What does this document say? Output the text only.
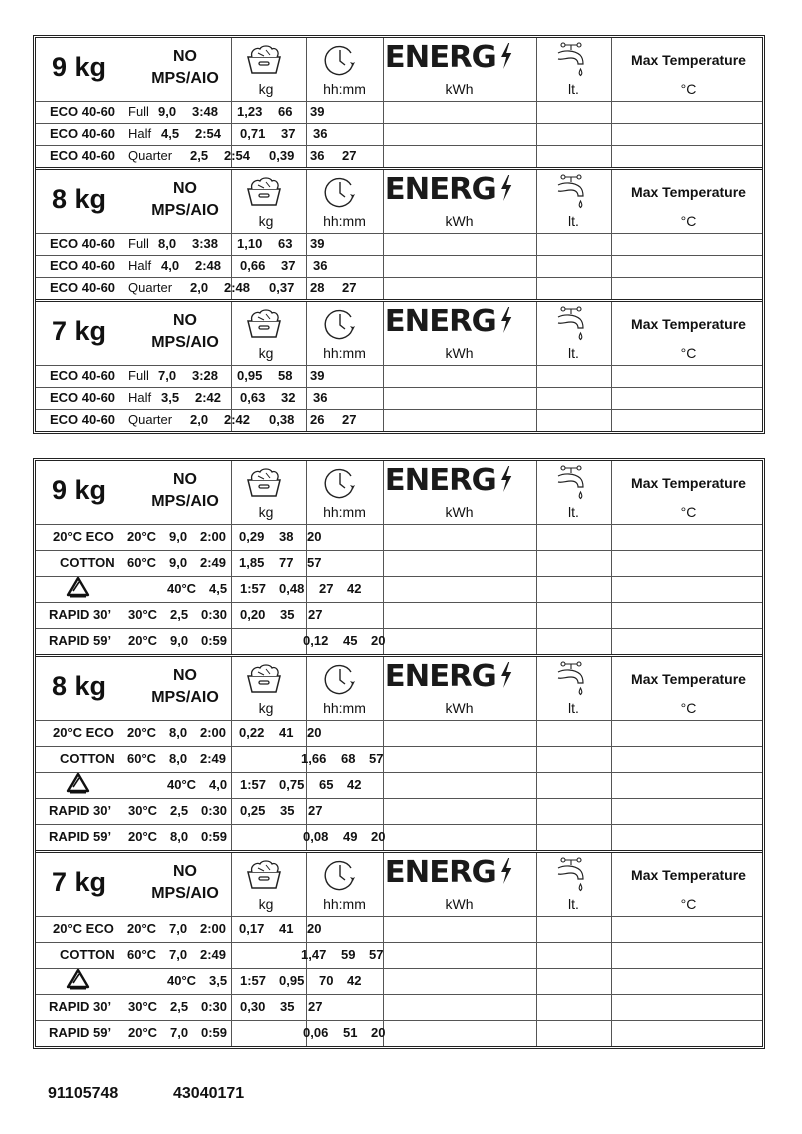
9 kg	NO
MPS/AIO
kg	hh:mm
ENERG
kWh	lt.
Max Temperature
°C
ECO 40-60 Full 9,0 3:48 1,23 66 39
ECO 40-60 Half 4,5 2:54 0,71 37 36
ECO 40-60 Quarter 2,5 2:54 0,39 36 27
8 kg	NO
MPS/AIO
kg	hh:mm
ENERG
kWh	lt.
Max Temperature
°C
ECO 40-60 Full 8,0 3:38 1,10 63 39
ECO 40-60 Half 4,0 2:48 0,66 37 36
ECO 40-60 Quarter 2,0 2:48 0,37 28 27
7 kg	NO
MPS/AIO
kg	hh:mm
ENERG
kWh	lt.
Max Temperature
°C
ECO 40-60 Full 7,0 3:28 0,95 58 39
ECO 40-60 Half 3,5 2:42 0,63 32 36
ECO 40-60 Quarter 2,0 2:42 0,38 26 27
9 kg	NO
MPS/AIO
kg	hh:mm
ENERG
kWh	lt.
Max Temperature
°C
20°C ECO 20°C 9,0 2:00 0,29 38 20
COTTON 60°C 9,0 2:49 1,85 77 57
40°C 4,5 1:57 0,48 27 42
RAPID 30’ 30°C 2,5 0:30 0,20 35 27
RAPID 59’ 20°C 9,0 0:59	0,12 45 20
8 kg	NO
MPS/AIO
kg	hh:mm
ENERG
kWh	lt.
Max Temperature
°C
20°C ECO 20°C 8,0 2:00 0,22 41 20
COTTON 60°C 8,0 2:49	1,66 68 57
40°C 4,0 1:57 0,75 65 42
RAPID 30’ 30°C 2,5 0:30 0,25 35 27
RAPID 59’ 20°C 8,0 0:59	0,08 49 20
7 kg	NO
MPS/AIO
kg	hh:mm
ENERG
kWh	lt.
Max Temperature
°C
20°C ECO 20°C 7,0 2:00 0,17 41 20
COTTON 60°C 7,0 2:49	1,47 59 57
40°C 3,5 1:57 0,95 70 42
RAPID 30’ 30°C 2,5 0:30 0,30 35 27
RAPID 59’ 20°C 7,0 0:59	0,06 51 20
91105748	43040171
